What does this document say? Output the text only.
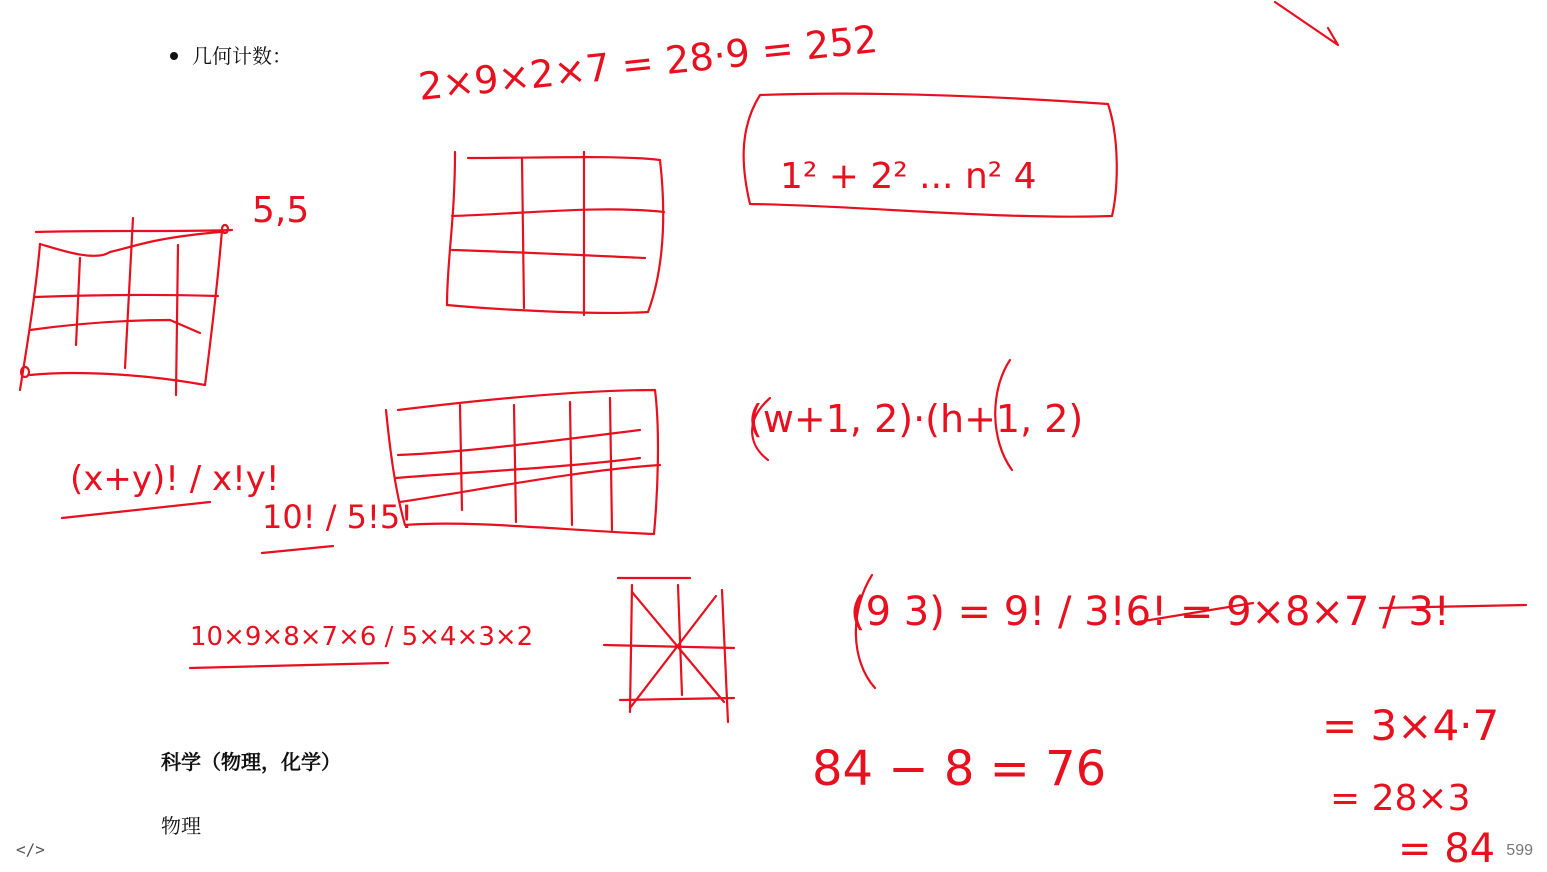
几何计数：
科学（物理，化学）
物理
</>	599
2×9×2×7 = 28·9 = 252
1² + 2² ... n² 4
5,5
(w+1, 2)·(h+1, 2)
(x+y)! / x!y!
10! / 5!5!
10×9×8×7×6 / 5×4×3×2
(9 3) = 9! / 3!6! = 9×8×7 / 3!
84 − 8 = 76
= 3×4·7
= 28×3
= 84
